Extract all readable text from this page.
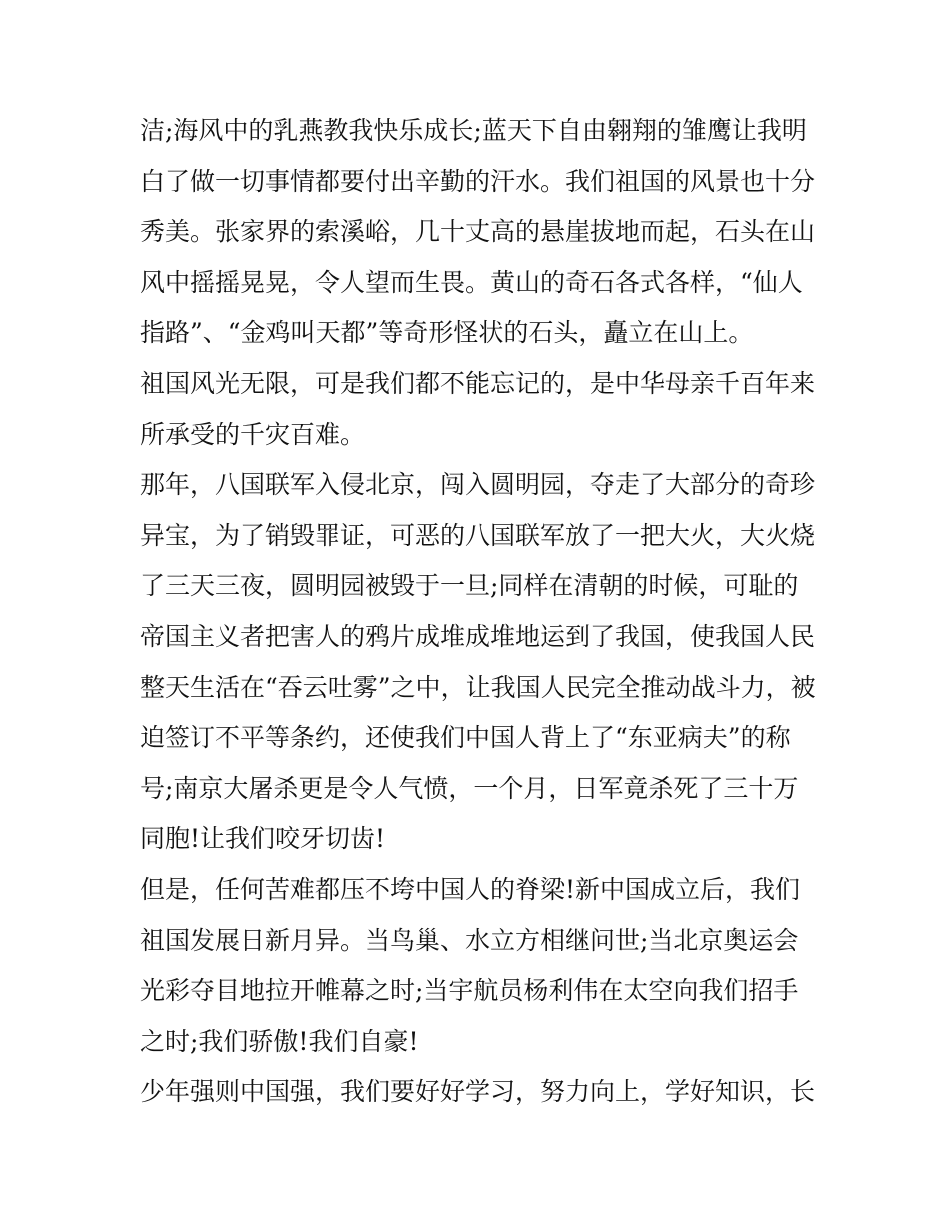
洁;海风中的乳燕教我快乐成长;蓝天下自由翱翔的雏鹰让我明
白了做一切事情都要付出辛勤的汗水。我们祖国的风景也十分
秀美。张家界的索溪峪，几十丈高的悬崖拔地而起，石头在山
风中摇摇晃晃，令人望而生畏。黄山的奇石各式各样，“仙人
指路”、“金鸡叫天都”等奇形怪状的石头，矗立在山上。
祖国风光无限，可是我们都不能忘记的，是中华母亲千百年来
所承受的千灾百难。
那年，八国联军入侵北京，闯入圆明园，夺走了大部分的奇珍
异宝，为了销毁罪证，可恶的八国联军放了一把大火，大火烧
了三天三夜，圆明园被毁于一旦;同样在清朝的时候，可耻的
帝国主义者把害人的鸦片成堆成堆地运到了我国，使我国人民
整天生活在“吞云吐雾”之中，让我国人民完全推动战斗力，被
迫签订不平等条约，还使我们中国人背上了“东亚病夫”的称
号;南京大屠杀更是令人气愤，一个月，日军竟杀死了三十万
同胞!让我们咬牙切齿!
但是，任何苦难都压不垮中国人的脊梁!新中国成立后，我们
祖国发展日新月异。当鸟巢、水立方相继问世;当北京奥运会
光彩夺目地拉开帷幕之时;当宇航员杨利伟在太空向我们招手
之时;我们骄傲!我们自豪!
少年强则中国强，我们要好好学习，努力向上，学好知识，长
